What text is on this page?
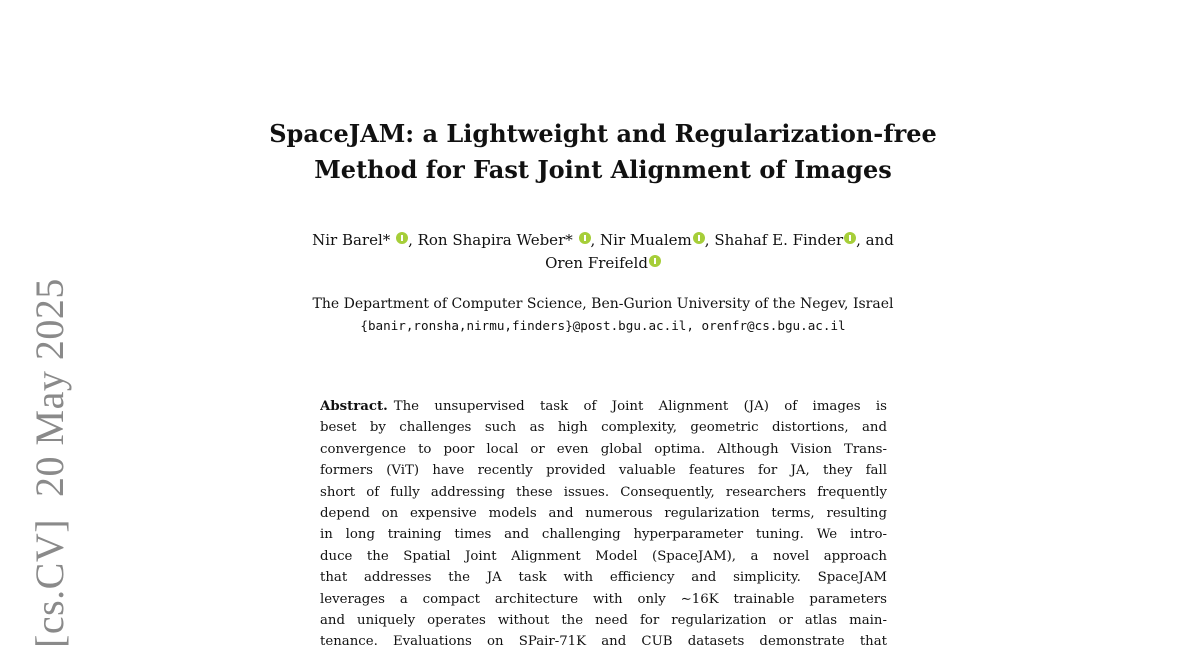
[cs.CV]20 May 2025
SpaceJAM: a Lightweight and Regularization-free
Method for Fast Joint Alignment of Images
Nir Barel* , Ron Shapira Weber* , Nir Mualem , Shahaf E. Finder , and
Oren Freifeld
The Department of Computer Science, Ben-Gurion University of the Negev, Israel
{banir,ronsha,nirmu,finders}@post.bgu.ac.il, orenfr@cs.bgu.ac.il
Abstract. The unsupervised task of Joint Alignment (JA) of images is
beset by challenges such as high complexity, geometric distortions, and
convergence to poor local or even global optima. Although Vision Trans-
formers (ViT) have recently provided valuable features for JA, they fall
short of fully addressing these issues. Consequently, researchers frequently
depend on expensive models and numerous regularization terms, resulting
in long training times and challenging hyperparameter tuning. We intro-
duce the Spatial Joint Alignment Model (SpaceJAM), a novel approach
that addresses the JA task with efficiency and simplicity. SpaceJAM
leverages a compact architecture with only ∼16K trainable parameters
and uniquely operates without the need for regularization or atlas main-
tenance. Evaluations on SPair-71K and CUB datasets demonstrate that
